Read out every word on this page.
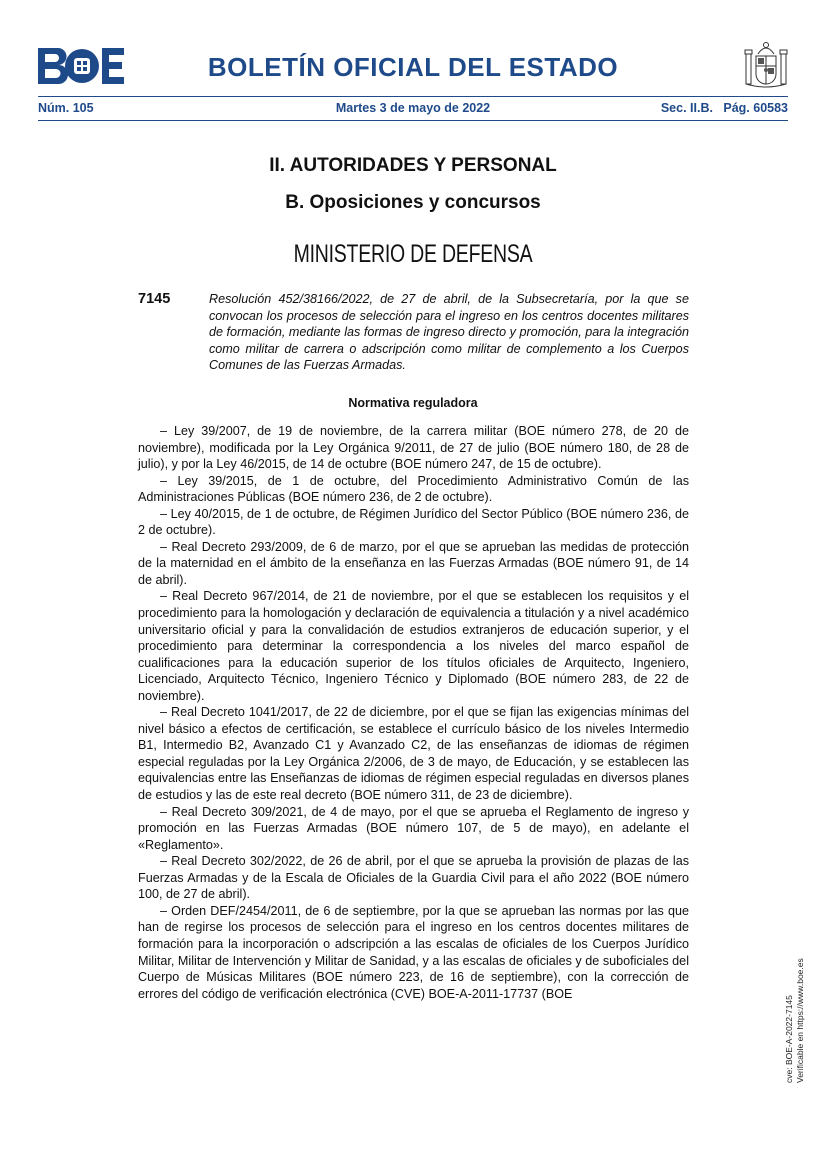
BOLETÍN OFICIAL DEL ESTADO
Núm. 105	Martes 3 de mayo de 2022	Sec. II.B.   Pág. 60583
II. AUTORIDADES Y PERSONAL
B. Oposiciones y concursos
MINISTERIO DE DEFENSA
7145	Resolución 452/38166/2022, de 27 de abril, de la Subsecretaría, por la que se convocan los procesos de selección para el ingreso en los centros docentes militares de formación, mediante las formas de ingreso directo y promoción, para la integración como militar de carrera o adscripción como militar de complemento a los Cuerpos Comunes de las Fuerzas Armadas.
Normativa reguladora

– Ley 39/2007, de 19 de noviembre, de la carrera militar (BOE número 278, de 20 de noviembre), modificada por la Ley Orgánica 9/2011, de 27 de julio (BOE número 180, de 28 de julio), y por la Ley 46/2015, de 14 de octubre (BOE número 247, de 15 de octubre).

– Ley 39/2015, de 1 de octubre, del Procedimiento Administrativo Común de las Administraciones Públicas (BOE número 236, de 2 de octubre).

– Ley 40/2015, de 1 de octubre, de Régimen Jurídico del Sector Público (BOE número 236, de 2 de octubre).

– Real Decreto 293/2009, de 6 de marzo, por el que se aprueban las medidas de protección de la maternidad en el ámbito de la enseñanza en las Fuerzas Armadas (BOE número 91, de 14 de abril).

– Real Decreto 967/2014, de 21 de noviembre, por el que se establecen los requisitos y el procedimiento para la homologación y declaración de equivalencia a titulación y a nivel académico universitario oficial y para la convalidación de estudios extranjeros de educación superior, y el procedimiento para determinar la correspondencia a los niveles del marco español de cualificaciones para la educación superior de los títulos oficiales de Arquitecto, Ingeniero, Licenciado, Arquitecto Técnico, Ingeniero Técnico y Diplomado (BOE número 283, de 22 de noviembre).

– Real Decreto 1041/2017, de 22 de diciembre, por el que se fijan las exigencias mínimas del nivel básico a efectos de certificación, se establece el currículo básico de los niveles Intermedio B1, Intermedio B2, Avanzado C1 y Avanzado C2, de las enseñanzas de idiomas de régimen especial reguladas por la Ley Orgánica 2/2006, de 3 de mayo, de Educación, y se establecen las equivalencias entre las Enseñanzas de idiomas de régimen especial reguladas en diversos planes de estudios y las de este real decreto (BOE número 311, de 23 de diciembre).

– Real Decreto 309/2021, de 4 de mayo, por el que se aprueba el Reglamento de ingreso y promoción en las Fuerzas Armadas (BOE número 107, de 5 de mayo), en adelante el «Reglamento».

– Real Decreto 302/2022, de 26 de abril, por el que se aprueba la provisión de plazas de las Fuerzas Armadas y de la Escala de Oficiales de la Guardia Civil para el año 2022 (BOE número 100, de 27 de abril).

– Orden DEF/2454/2011, de 6 de septiembre, por la que se aprueban las normas por las que han de regirse los procesos de selección para el ingreso en los centros docentes militares de formación para la incorporación o adscripción a las escalas de oficiales de los Cuerpos Jurídico Militar, Militar de Intervención y Militar de Sanidad, y a las escalas de oficiales y de suboficiales del Cuerpo de Músicas Militares (BOE número 223, de 16 de septiembre), con la corrección de errores del código de verificación electrónica (CVE) BOE-A-2011-17737 (BOE

cve: BOE-A-2022-7145 Verificable en https://www.boe.es
